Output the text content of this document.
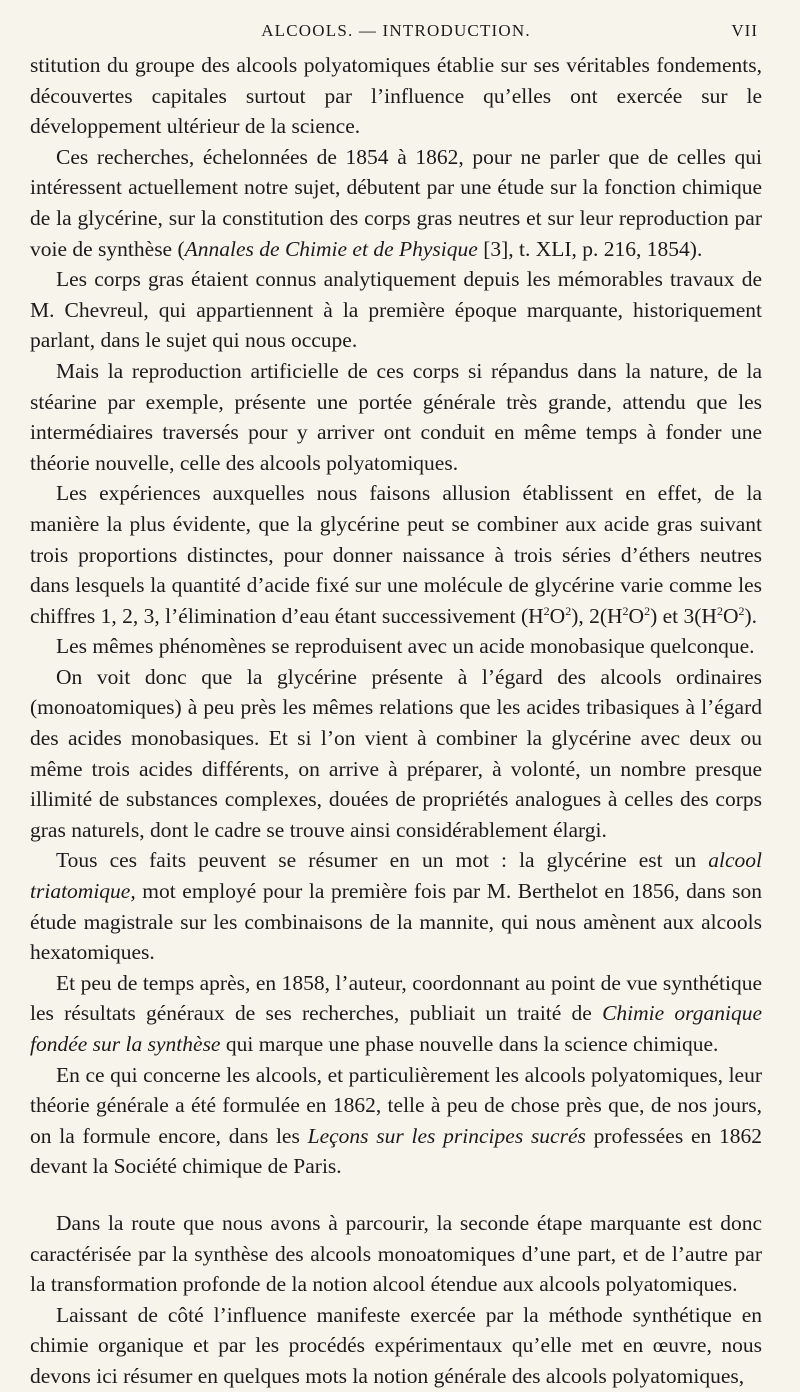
ALCOOLS. — INTRODUCTION.	VII

stitution du groupe des alcools polyatomiques établie sur ses véritables fondements, découvertes capitales surtout par l’influence qu’elles ont exercée sur le développement ultérieur de la science.

Ces recherches, échelonnées de 1854 à 1862, pour ne parler que de celles qui intéressent actuellement notre sujet, débutent par une étude sur la fonction chimique de la glycérine, sur la constitution des corps gras neutres et sur leur reproduction par voie de synthèse (Annales de Chimie et de Physique [3], t. XLI, p. 216, 1854).

Les corps gras étaient connus analytiquement depuis les mémorables travaux de M. Chevreul, qui appartiennent à la première époque marquante, historiquement parlant, dans le sujet qui nous occupe.

Mais la reproduction artificielle de ces corps si répandus dans la nature, de la stéarine par exemple, présente une portée générale très grande, attendu que les intermédiaires traversés pour y arriver ont conduit en même temps à fonder une théorie nouvelle, celle des alcools polyatomiques.

Les expériences auxquelles nous faisons allusion établissent en effet, de la manière la plus évidente, que la glycérine peut se combiner aux acide gras suivant trois proportions distinctes, pour donner naissance à trois séries d’éthers neutres dans lesquels la quantité d’acide fixé sur une molécule de glycérine varie comme les chiffres 1, 2, 3, l’élimination d’eau étant successivement $(H^2O^2)$, $2(H^2O^2)$ et $3(H^2O^2)$.

Les mêmes phénomènes se reproduisent avec un acide monobasique quelconque.

On voit donc que la glycérine présente à l’égard des alcools ordinaires (monoatomiques) à peu près les mêmes relations que les acides tribasiques à l’égard des acides monobasiques. Et si l’on vient à combiner la glycérine avec deux ou même trois acides différents, on arrive à préparer, à volonté, un nombre presque illimité de substances complexes, douées de propriétés analogues à celles des corps gras naturels, dont le cadre se trouve ainsi considérablement élargi.

Tous ces faits peuvent se résumer en un mot : la glycérine est un alcool triatomique, mot employé pour la première fois par M. Berthelot en 1856, dans son étude magistrale sur les combinaisons de la mannite, qui nous amènent aux alcools hexatomiques.

Et peu de temps après, en 1858, l’auteur, coordonnant au point de vue synthétique les résultats généraux de ses recherches, publiait un traité de Chimie organique fondée sur la synthèse qui marque une phase nouvelle dans la science chimique.

En ce qui concerne les alcools, et particulièrement les alcools polyatomiques, leur théorie générale a été formulée en 1862, telle à peu de chose près que, de nos jours, on la formule encore, dans les Leçons sur les principes sucrés professées en 1862 devant la Société chimique de Paris.

Dans la route que nous avons à parcourir, la seconde étape marquante est donc caractérisée par la synthèse des alcools monoatomiques d’une part, et de l’autre par la transformation profonde de la notion alcool étendue aux alcools polyatomiques.

Laissant de côté l’influence manifeste exercée par la méthode synthétique en chimie organique et par les procédés expérimentaux qu’elle met en œuvre, nous devons ici résumer en quelques mots la notion générale des alcools polyatomiques,
